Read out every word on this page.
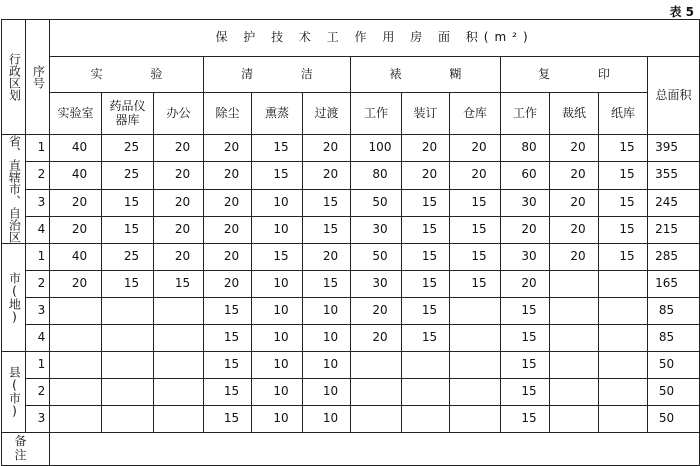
表 5
行政区划	序号	保 护 技 术 工 作 用 房 面 积(m²)												
		实 验			清 洁			裱 糊			复 印			总面积
		实验室	药品仪器库	办公	除尘	熏蒸	过渡	工作	装订	仓库	工作	裁纸	纸库	
省、直辖市、自治区	1	40	25	20	20	15	20	100	20	20	80	20	15	395
	2	40	25	20	20	15	20	80	20	20	60	20	15	355
	3	20	15	20	20	10	15	50	15	15	30	20	15	245
	4	20	15	20	20	10	15	30	15	15	20	20	15	215
市(地)	1	40	25	20	20	15	20	50	15	15	30	20	15	285
	2	20	15	15	20	10	15	30	15	15	20			165
	3				15	10	10	20	15		15			85
	4				15	10	10	20	15		15			85
县(市)	1				15	10	10				15			50
	2				15	10	10				15			50
	3				15	10	10				15			50
备 注														
